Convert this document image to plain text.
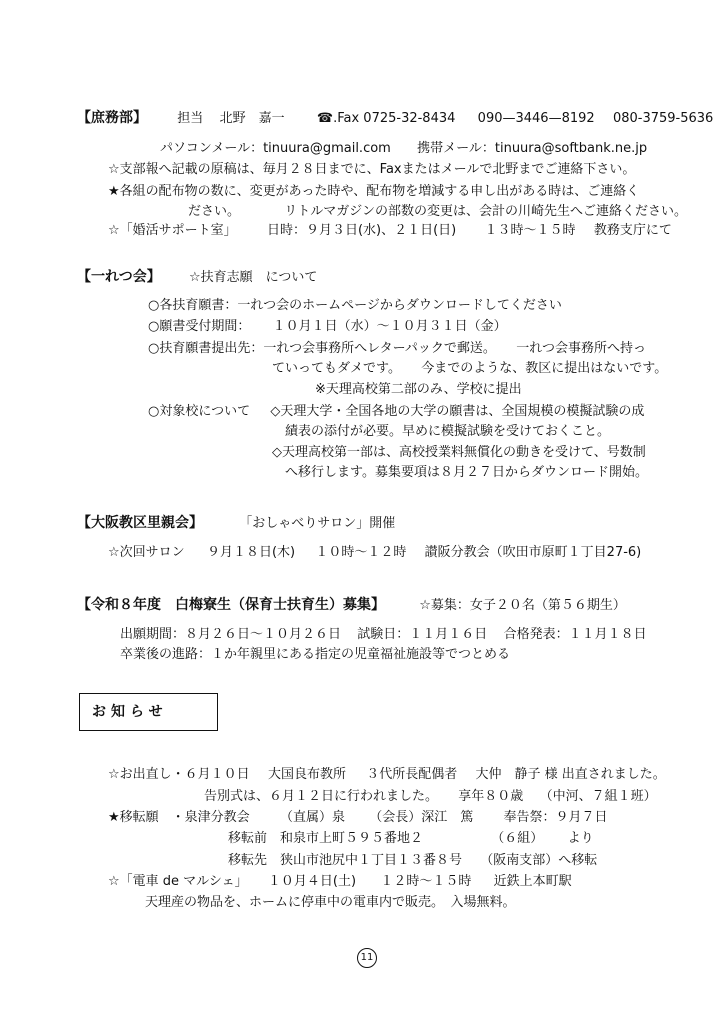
【庶務部】 担当 北野　嘉一 ☎.Fax 0725-32-8434 090—3446—8192 080-3759-5636
パソコンメール：tinuura@gmail.com 携帯メール：tinuura@softbank.ne.jp
☆支部報へ記載の原稿は、毎月２８日までに、Faxまたはメールで北野までご連絡下さい。
★各組の配布物の数に、変更があった時や、配布物を増減する申し出がある時は、ご連絡く
ださい。	リトルマガジンの部数の変更は、会計の川崎先生へご連絡ください。
☆「婚活サポート室」 日時：９月３日(水)、２１日(日) １３時～１５時 教務支庁にて
【一れつ会】 ☆扶育志願　について
○各扶育願書：一れつ会のホームページからダウンロードしてください
○願書受付期間： １０月１日（水）～１０月３１日（金）
○扶育願書提出先：一れつ会事務所へレターパックで郵送。 一れつ会事務所へ持っ
ていってもダメです。 今までのような、教区に提出はないです。
※天理高校第二部のみ、学校に提出
○対象校について ◇天理大学・全国各地の大学の願書は、全国規模の模擬試験の成
績表の添付が必要。早めに模擬試験を受けておくこと。
◇天理高校第一部は、高校授業料無償化の動きを受けて、号数制
へ移行します。募集要項は８月２７日からダウンロード開始。
【大阪教区里親会】	「おしゃべりサロン」開催
☆次回サロン ９月１８日(木) １０時～１２時 讃阪分教会（吹田市原町１丁目27-6)
【令和８年度　白梅寮生（保育士扶育生）募集】	☆募集：女子２０名（第５６期生）
出願期間：８月２６日～１０月２６日 試験日：１１月１６日 合格発表：１１月１８日
卒業後の進路：１か年親里にある指定の児童福祉施設等でつとめる
お知らせ
☆お出直し・６月１０日 大国良布教所 ３代所長配偶者 大仲　静子 様 出直されました。
告別式は、６月１２日に行われました。 享年８０歳 （中河、７組１班）
★移転願　・泉津分教会 （直属）泉 （会長）深江　篤 奉告祭：９月７日
移転前　和泉市上町５９５番地２	（６組） より
移転先　狭山市池尻中１丁目１３番８号 （阪南支部）へ移転
☆「電車 de マルシェ」 １０月４日(土) １２時～１５時 近鉄上本町駅
天理産の物品を、ホームに停車中の電車内で販売。　入場無料。
11
